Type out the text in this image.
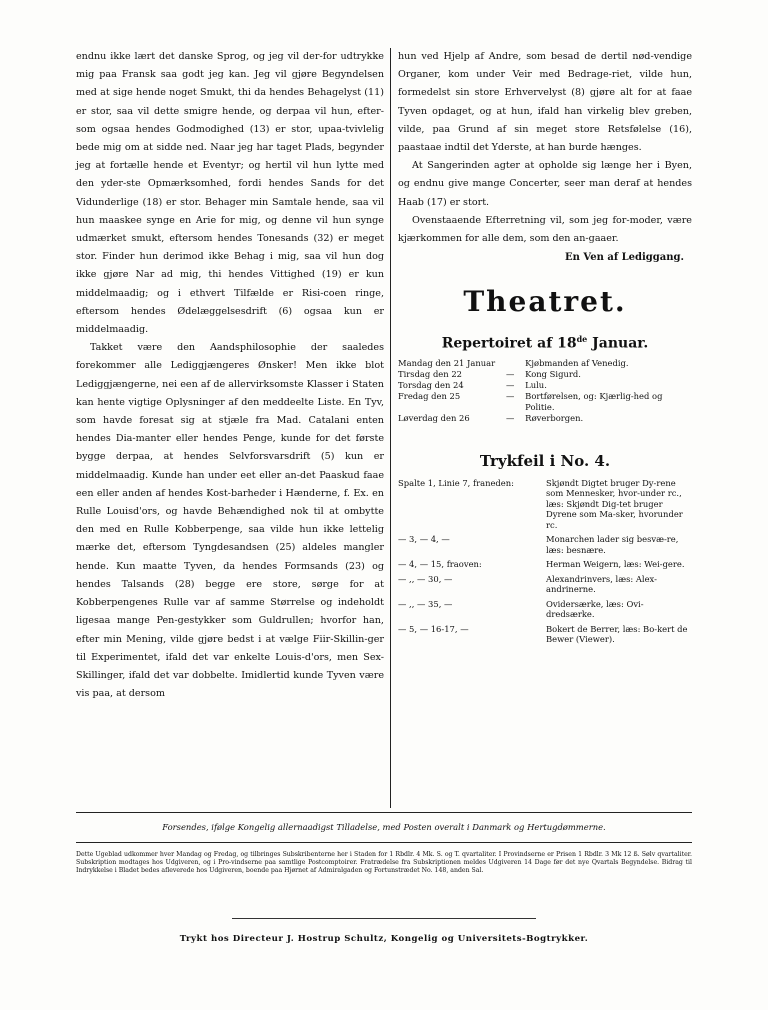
endnu ikke lært det danske Sprog, og jeg vil der-for udtrykke mig paa Fransk saa godt jeg kan. Jeg vil gjøre Begyndelsen med at sige hende noget Smukt, thi da hendes Behagelyst (11) er stor, saa vil dette smigre hende, og derpaa vil hun, efter-som ogsaa hendes Godmodighed (13) er stor, upaa-tvivlelig bede mig om at sidde ned. Naar jeg har taget Plads, begynder jeg at fortælle hende et Eventyr; og hertil vil hun lytte med den yder-ste Opmærksomhed, fordi hendes Sands for det Vidunderlige (18) er stor. Behager min Samtale hende, saa vil hun maaskee synge en Arie for mig, og denne vil hun synge udmærket smukt, eftersom hendes Tonesands (32) er meget stor. Finder hun derimod ikke Behag i mig, saa vil hun dog ikke gjøre Nar ad mig, thi hendes Vittighed (19) er kun middelmaadig; og i ethvert Tilfælde er Risi-coen ringe, eftersom hendes Ødelæggelsesdrift (6) ogsaa kun er middelmaadig.

Takket være den Aandsphilosophie der saaledes forekommer alle Lediggjængeres Ønsker! Men ikke blot Lediggjængerne, nei een af de allervirksomste Klasser i Staten kan hente vigtige Oplysninger af den meddeelte Liste. En Tyv, som havde foresat sig at stjæle fra Mad. Catalani enten hendes Dia-manter eller hendes Penge, kunde for det første bygge derpaa, at hendes Selvforsvarsdrift (5) kun er middelmaadig. Kunde han under eet eller an-det Paaskud faae een eller anden af hendes Kost-barheder i Hænderne, f. Ex. en Rulle Louisd'ors, og havde Behændighed nok til at ombytte den med en Rulle Kobberpenge, saa vilde hun ikke lettelig mærke det, eftersom Tyngdesandsen (25) aldeles mangler hende. Kun maatte Tyven, da hendes Formsands (23) og hendes Talsands (28) begge ere store, sørge for at Kobberpengenes Rulle var af samme Størrelse og indeholdt ligesaa mange Pen-gestykker som Guldrullen; hvorfor han, efter min Mening, vilde gjøre bedst i at vælge Fiir-Skillin-ger til Experimentet, ifald det var enkelte Louis-d'ors, men Sex-Skillinger, ifald det var dobbelte. Imidlertid kunde Tyven være vis paa, at dersom

hun ved Hjelp af Andre, som besad de dertil nød-vendige Organer, kom under Veir med Bedrage-riet, vilde hun, formedelst sin store Erhvervelyst (8) gjøre alt for at faae Tyven opdaget, og at hun, ifald han virkelig blev greben, vilde, paa Grund af sin meget store Retsfølelse (16), paastaae indtil det Yderste, at han burde hænges.

At Sangerinden agter at opholde sig længe her i Byen, og endnu give mange Concerter, seer man deraf at hendes Haab (17) er stort.

Ovenstaaende Efterretning vil, som jeg for-moder, være kjærkommen for alle dem, som den an-gaaer.

En Ven af Lediggang.
Theatret.
Repertoiret af 18de Januar.
Mandag den 21 Januar		Kjøbmanden af Venedig.
Tirsdag den 22	—	Kong Sigurd.
Torsdag den 24	—	Lulu.
Fredag den 25	—	Bortførelsen, og: Kjærlig-hed og Politie.
Løverdag den 26	—	Røverborgen.
Trykfeil i No. 4.
Spalte 1, Linie 7, franeden:	Skjøndt Digtet bruger Dy-rene som Mennesker, hvor-under rc., læs: Skjøndt Dig-tet bruger Dyrene som Ma-sker, hvorunder rc.
— 3, — 4, —	Monarchen lader sig besvæ-re, læs: besnære.
— 4, — 15, fraoven:	Herman Weigern, læs: Wei-gere.
— ,, — 30, —	Alexandrinvers, læs: Alex-andrinerne.
— ,, — 35, —	Ovidersærke, læs: Ovi-dredsærke.
— 5, — 16-17, —	Bokert de Berrer, læs: Bo-kert de Bewer (Viewer).
Forsendes, ifølge Kongelig allernaadigst Tilladelse, med Posten overalt i Danmark og Hertugdømmerne.
Dette Ugeblad udkommer hver Mandag og Fredag, og tilbringes Subskribenterne her i Staden for 1 Rbdlr. 4 Mk. S. og T. qvartaliter. I Provindserne er Prisen 1 Rbdlr. 3 Mk 12 ß. Sølv qvartaliter. Subskription modtages hos Udgiveren, og i Pro-vindserne paa samtlige Postcomptoirer. Fratrædelse fra Subskriptionen meldes Udgiveren 14 Dage før det nye Qvartals Begyndelse. Bidrag til Indrykkelse i Bladet bedes afleverede hos Udgiveren, boende paa Hjørnet af Admiralgaden og Fortunstrædet No. 148, anden Sal.
Trykt hos Directeur J. Hostrup Schultz, Kongelig og Universitets-Bogtrykker.
